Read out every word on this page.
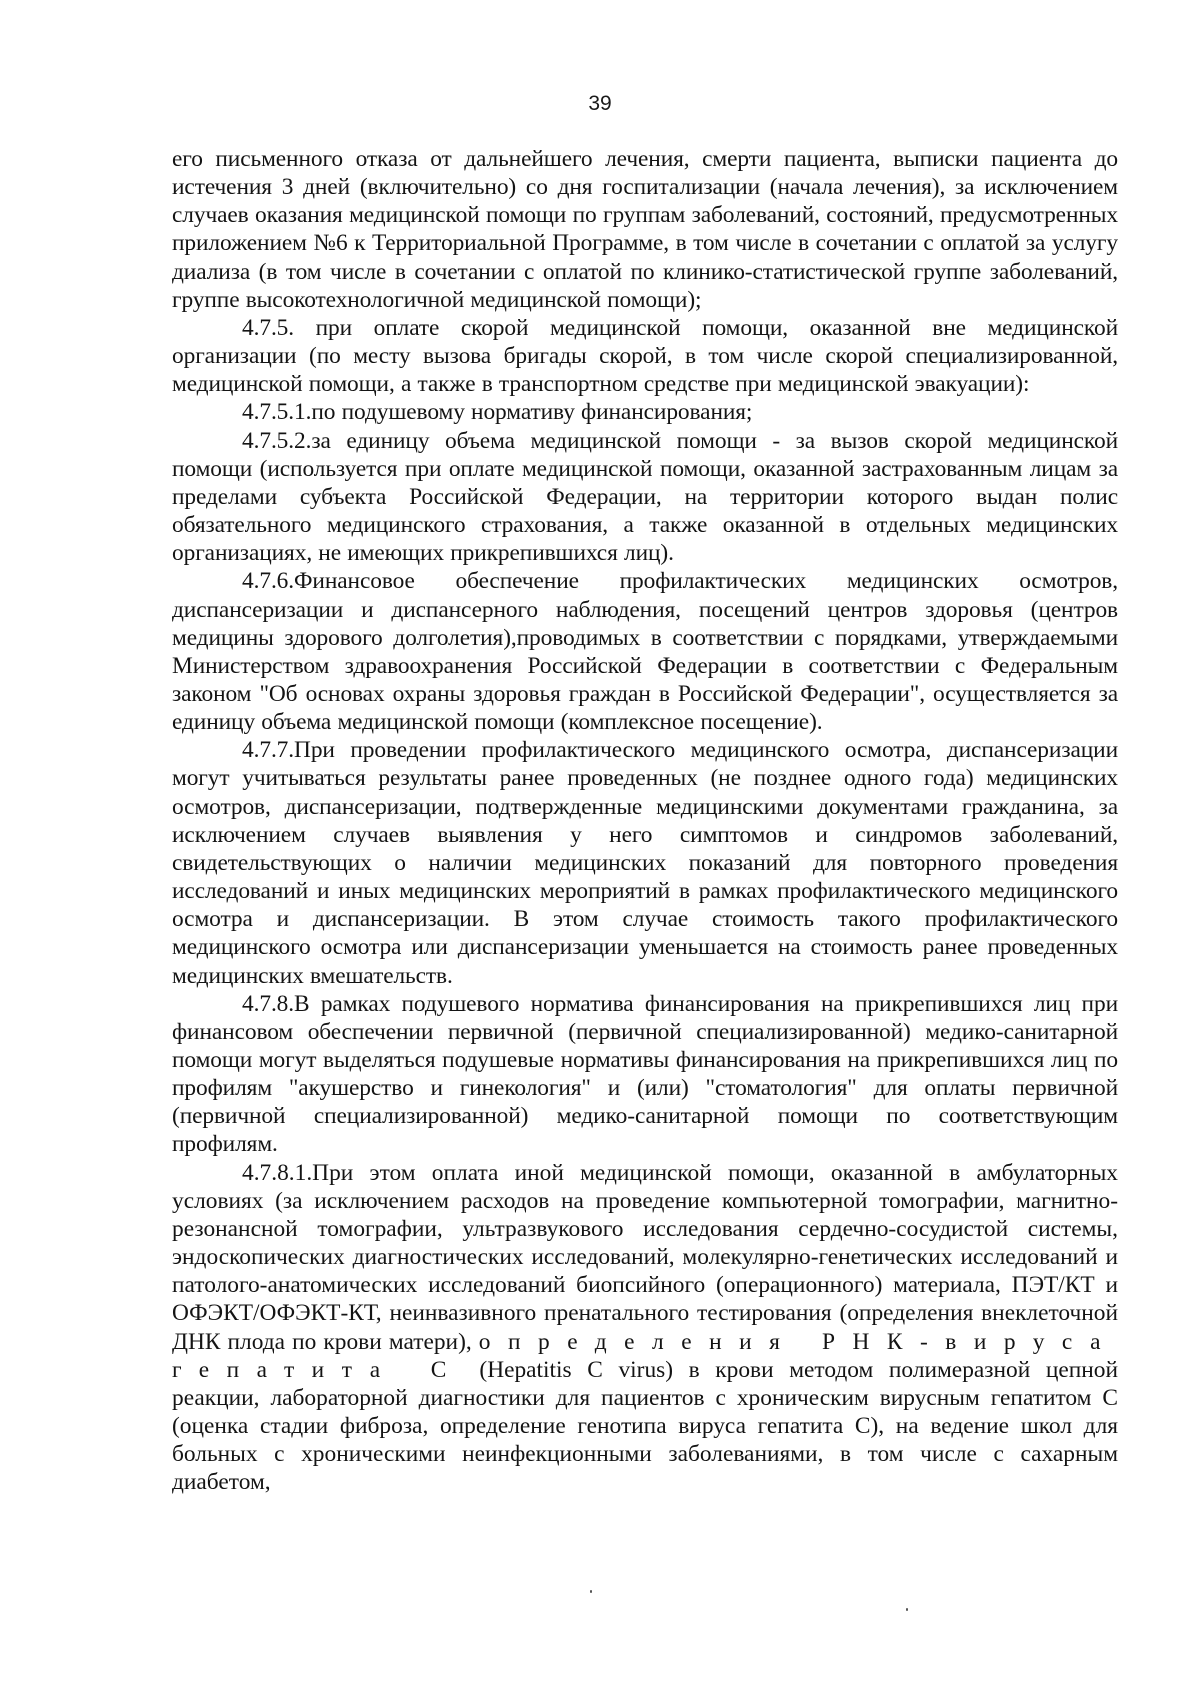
39

его письменного отказа от дальнейшего лечения, смерти пациента, выписки пациента до истечения 3 дней (включительно) со дня госпитализации (начала лечения), за исключением случаев оказания медицинской помощи по группам заболеваний, состояний, предусмотренных приложением №6 к Территориальной Программе, в том числе в сочетании с оплатой за услугу диализа (в том числе в сочетании с оплатой по клинико-статистической группе заболеваний, группе высокотехнологичной медицинской помощи);

4.7.5. при оплате скорой медицинской помощи, оказанной вне медицинской организации (по месту вызова бригады скорой, в том числе скорой специализированной, медицинской помощи, а также в транспортном средстве при медицинской эвакуации):

4.7.5.1.по подушевому нормативу финансирования;

4.7.5.2.за единицу объема медицинской помощи - за вызов скорой медицинской помощи (используется при оплате медицинской помощи, оказанной застрахованным лицам за пределами субъекта Российской Федерации, на территории которого выдан полис обязательного медицинского страхования, а также оказанной в отдельных медицинских организациях, не имеющих прикрепившихся лиц).

4.7.6.Финансовое обеспечение профилактических медицинских осмотров, диспансеризации и диспансерного наблюдения, посещений центров здоровья (центров медицины здорового долголетия),проводимых в соответствии с порядками, утверждаемыми Министерством здравоохранения Российской Федерации в соответствии с Федеральным законом "Об основах охраны здоровья граждан в Российской Федерации", осуществляется за единицу объема медицинской помощи (комплексное посещение).

4.7.7.При проведении профилактического медицинского осмотра, диспансеризации могут учитываться результаты ранее проведенных (не позднее одного года) медицинских осмотров, диспансеризации, подтвержденные медицинскими документами гражданина, за исключением случаев выявления у него симптомов и синдромов заболеваний, свидетельствующих о наличии медицинских показаний для повторного проведения исследований и иных медицинских мероприятий в рамках профилактического медицинского осмотра и диспансеризации. В этом случае стоимость такого профилактического медицинского осмотра или диспансеризации уменьшается на стоимость ранее проведенных медицинских вмешательств.

4.7.8.В рамках подушевого норматива финансирования на прикрепившихся лиц при финансовом обеспечении первичной (первичной специализированной) медико-санитарной помощи могут выделяться подушевые нормативы финансирования на прикрепившихся лиц по профилям "акушерство и гинекология" и (или) "стоматология" для оплаты первичной (первичной специализированной) медико-санитарной помощи по соответствующим профилям.

4.7.8.1.При этом оплата иной медицинской помощи, оказанной в амбулаторных условиях (за исключением расходов на проведение компьютерной томографии, магнитно-резонансной томографии, ультразвукового исследования сердечно-сосудистой системы, эндоскопических диагностических исследований, молекулярно-генетических исследований и патолого-анатомических исследований биопсийного (операционного) материала, ПЭТ/КТ и ОФЭКТ/ОФЭКТ-КТ, неинвазивного пренатального тестирования (определения внеклеточной ДНК плода по крови матери), определения РНК-вируса гепатита С (Hepatitis C virus) в крови методом полимеразной цепной реакции, лабораторной диагностики для пациентов с хроническим вирусным гепатитом С (оценка стадии фиброза, определение генотипа вируса гепатита С), на ведение школ для больных с хроническими неинфекционными заболеваниями, в том числе с сахарным диабетом,
